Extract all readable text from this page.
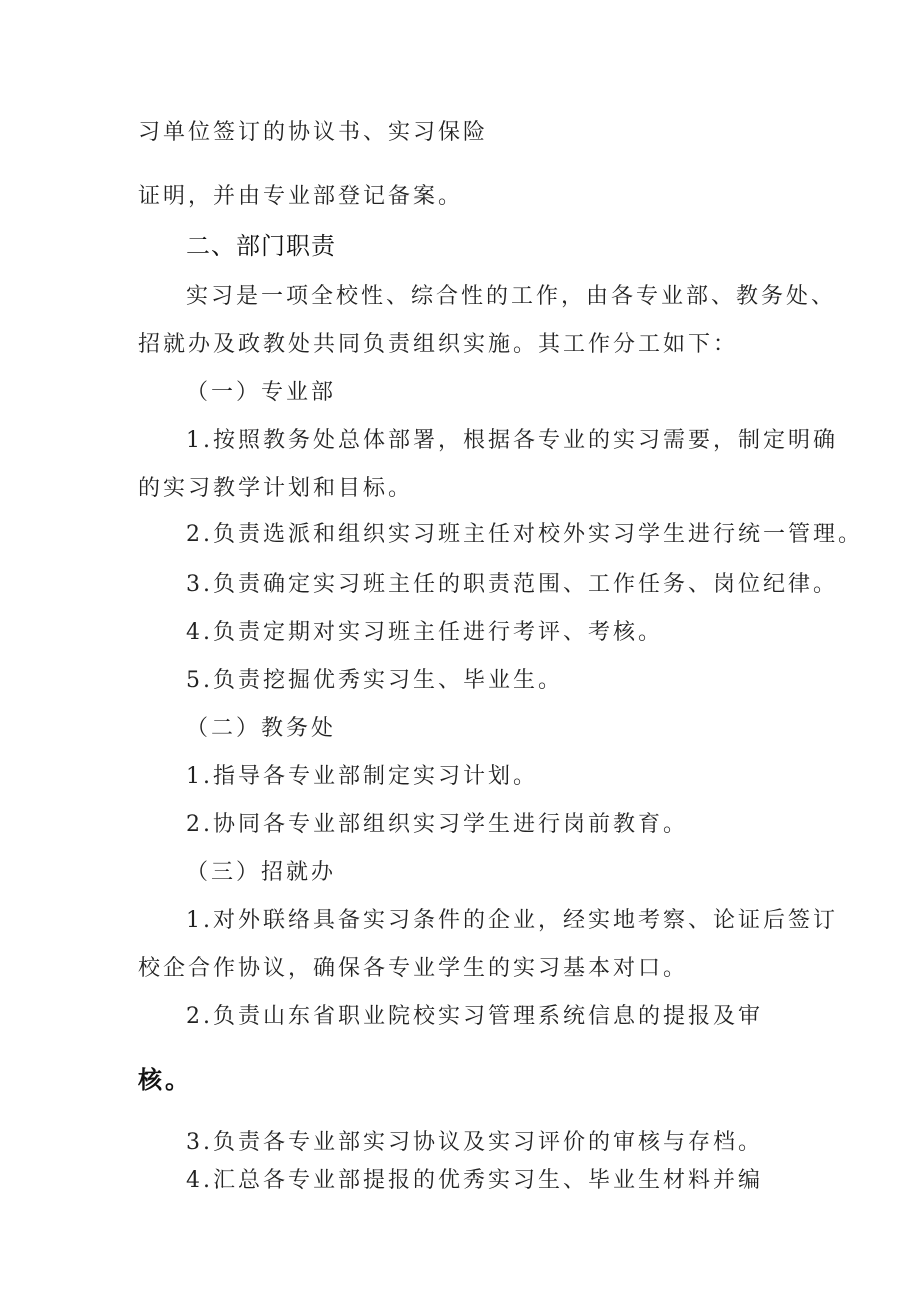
习单位签订的协议书、实习保险
证明，并由专业部登记备案。
二、部门职责
实习是一项全校性、综合性的工作，由各专业部、教务处、
招就办及政教处共同负责组织实施。其工作分工如下：
（一）专业部
1.按照教务处总体部署，根据各专业的实习需要，制定明确
的实习教学计划和目标。
2.负责选派和组织实习班主任对校外实习学生进行统一管理。
3.负责确定实习班主任的职责范围、工作任务、岗位纪律。
4.负责定期对实习班主任进行考评、考核。
5.负责挖掘优秀实习生、毕业生。
（二）教务处
1.指导各专业部制定实习计划。
2.协同各专业部组织实习学生进行岗前教育。
（三）招就办
1.对外联络具备实习条件的企业，经实地考察、论证后签订
校企合作协议，确保各专业学生的实习基本对口。
2.负责山东省职业院校实习管理系统信息的提报及审
核。
3.负责各专业部实习协议及实习评价的审核与存档。
4.汇总各专业部提报的优秀实习生、毕业生材料并编
